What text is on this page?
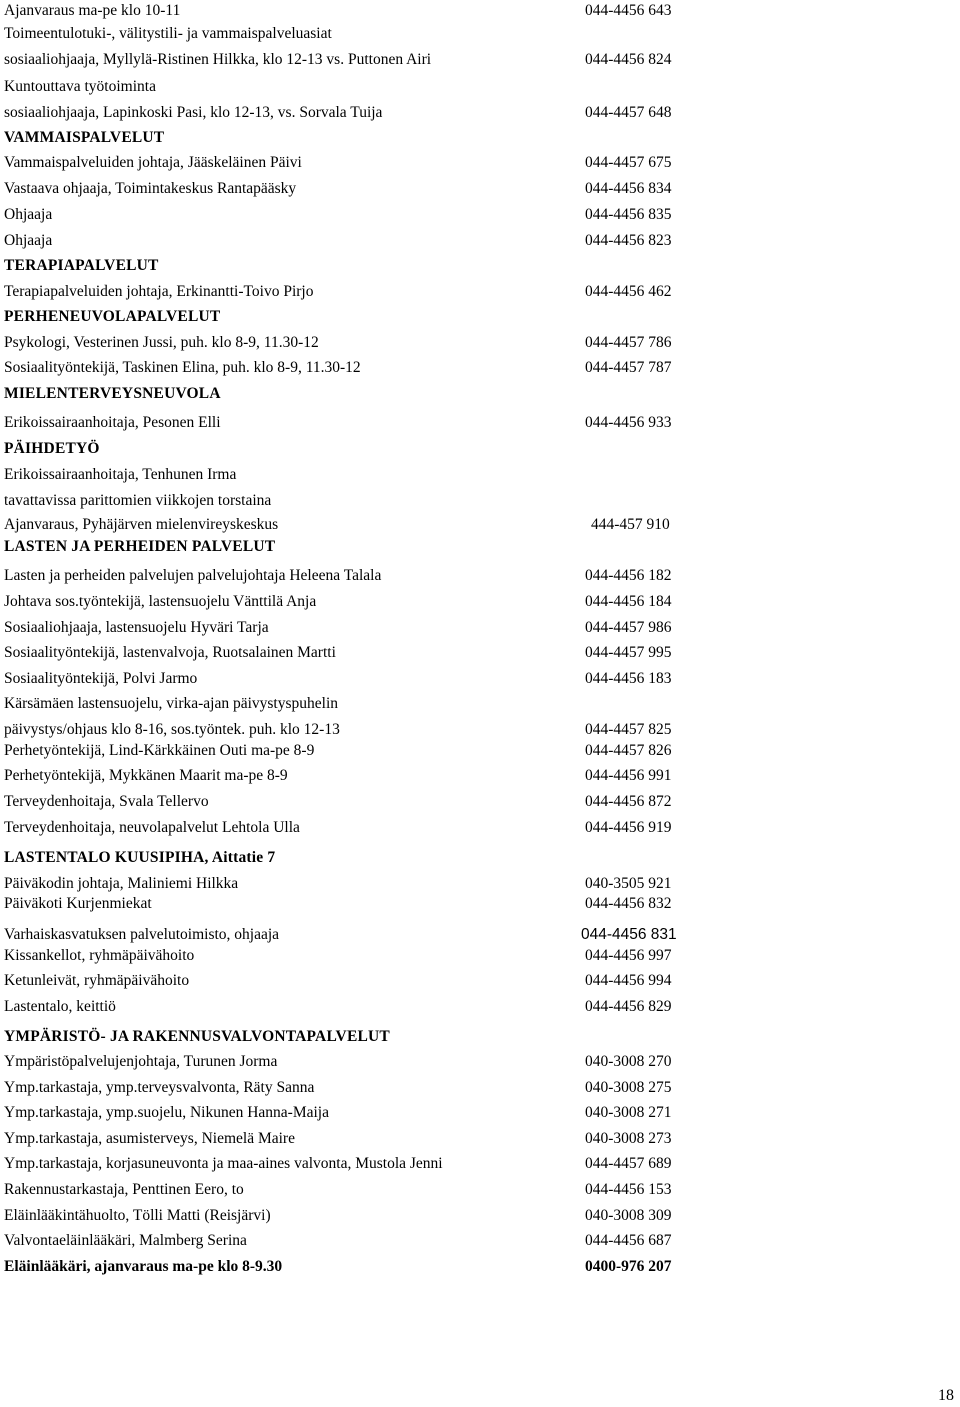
Ajanvaraus ma-pe klo 10-11	044-4456 643
Toimeentulotuki-, välitystili- ja vammaispalveluasiat
sosiaaliohjaaja, Myllylä-Ristinen Hilkka, klo 12-13 vs. Puttonen Airi	044-4456 824
Kuntouttava työtoiminta
sosiaaliohjaaja, Lapinkoski Pasi, klo 12-13, vs. Sorvala Tuija	044-4457 648
VAMMAISPALVELUT
Vammaispalveluiden johtaja, Jääskeläinen Päivi	044-4457 675
Vastaava ohjaaja, Toimintakeskus Rantapääsky	044-4456 834
Ohjaaja	044-4456 835
Ohjaaja	044-4456 823
TERAPIAPALVELUT
Terapiapalveluiden johtaja, Erkinantti-Toivo Pirjo	044-4456 462
PERHENEUVOLAPALVELUT
Psykologi, Vesterinen Jussi, puh. klo 8-9, 11.30-12	044-4457 786
Sosiaalityöntekijä, Taskinen Elina, puh. klo 8-9, 11.30-12	044-4457 787
MIELENTERVEYSNEUVOLA
Erikoissairaanhoitaja, Pesonen Elli	044-4456 933
PÄIHDETYÖ
Erikoissairaanhoitaja, Tenhunen Irma
tavattavissa parittomien viikkojen torstaina
Ajanvaraus, Pyhäjärven mielenvireyskeskus	444-457 910
LASTEN JA PERHEIDEN PALVELUT
Lasten ja perheiden palvelujen palvelujohtaja Heleena Talala	044-4456 182
Johtava sos.työntekijä, lastensuojelu Vänttilä Anja	044-4456 184
Sosiaaliohjaaja, lastensuojelu Hyväri Tarja	044-4457 986
Sosiaalityöntekijä, lastenvalvoja, Ruotsalainen Martti	044-4457 995
Sosiaalityöntekijä, Polvi Jarmo	044-4456 183
Kärsämäen lastensuojelu, virka-ajan päivystyspuhelin
päivystys/ohjaus klo 8-16, sos.työntek. puh. klo 12-13	044-4457 825
Perhetyöntekijä, Lind-Kärkkäinen Outi ma-pe 8-9	044-4457 826
Perhetyöntekijä, Mykkänen Maarit ma-pe 8-9	044-4456 991
Terveydenhoitaja, Svala Tellervo	044-4456 872
Terveydenhoitaja, neuvolapalvelut Lehtola Ulla	044-4456 919
LASTENTALO KUUSIPIHA, Aittatie 7
Päiväkodin johtaja, Maliniemi Hilkka	040-3505 921
Päiväkoti Kurjenmiekat	044-4456 832
Varhaiskasvatuksen palvelutoimisto, ohjaaja	044-4456 831
Kissankellot, ryhmäpäivähoito	044-4456 997
Ketunleivät, ryhmäpäivähoito	044-4456 994
Lastentalo, keittiö	044-4456 829
YMPÄRISTÖ- JA RAKENNUSVALVONTAPALVELUT
Ympäristöpalvelujenjohtaja, Turunen Jorma	040-3008 270
Ymp.tarkastaja, ymp.terveysvalvonta, Räty Sanna	040-3008 275
Ymp.tarkastaja, ymp.suojelu, Nikunen Hanna-Maija	040-3008 271
Ymp.tarkastaja, asumisterveys, Niemelä Maire	040-3008 273
Ymp.tarkastaja, korjasuneuvonta ja maa-aines valvonta, Mustola Jenni	044-4457 689
Rakennustarkastaja, Penttinen Eero, to	044-4456 153
Eläinlääkintähuolto, Tölli Matti (Reisjärvi)	040-3008 309
Valvontaeläinlääkäri, Malmberg Serina	044-4456 687
Eläinlääkäri, ajanvaraus ma-pe klo 8-9.30	0400-976 207
18
